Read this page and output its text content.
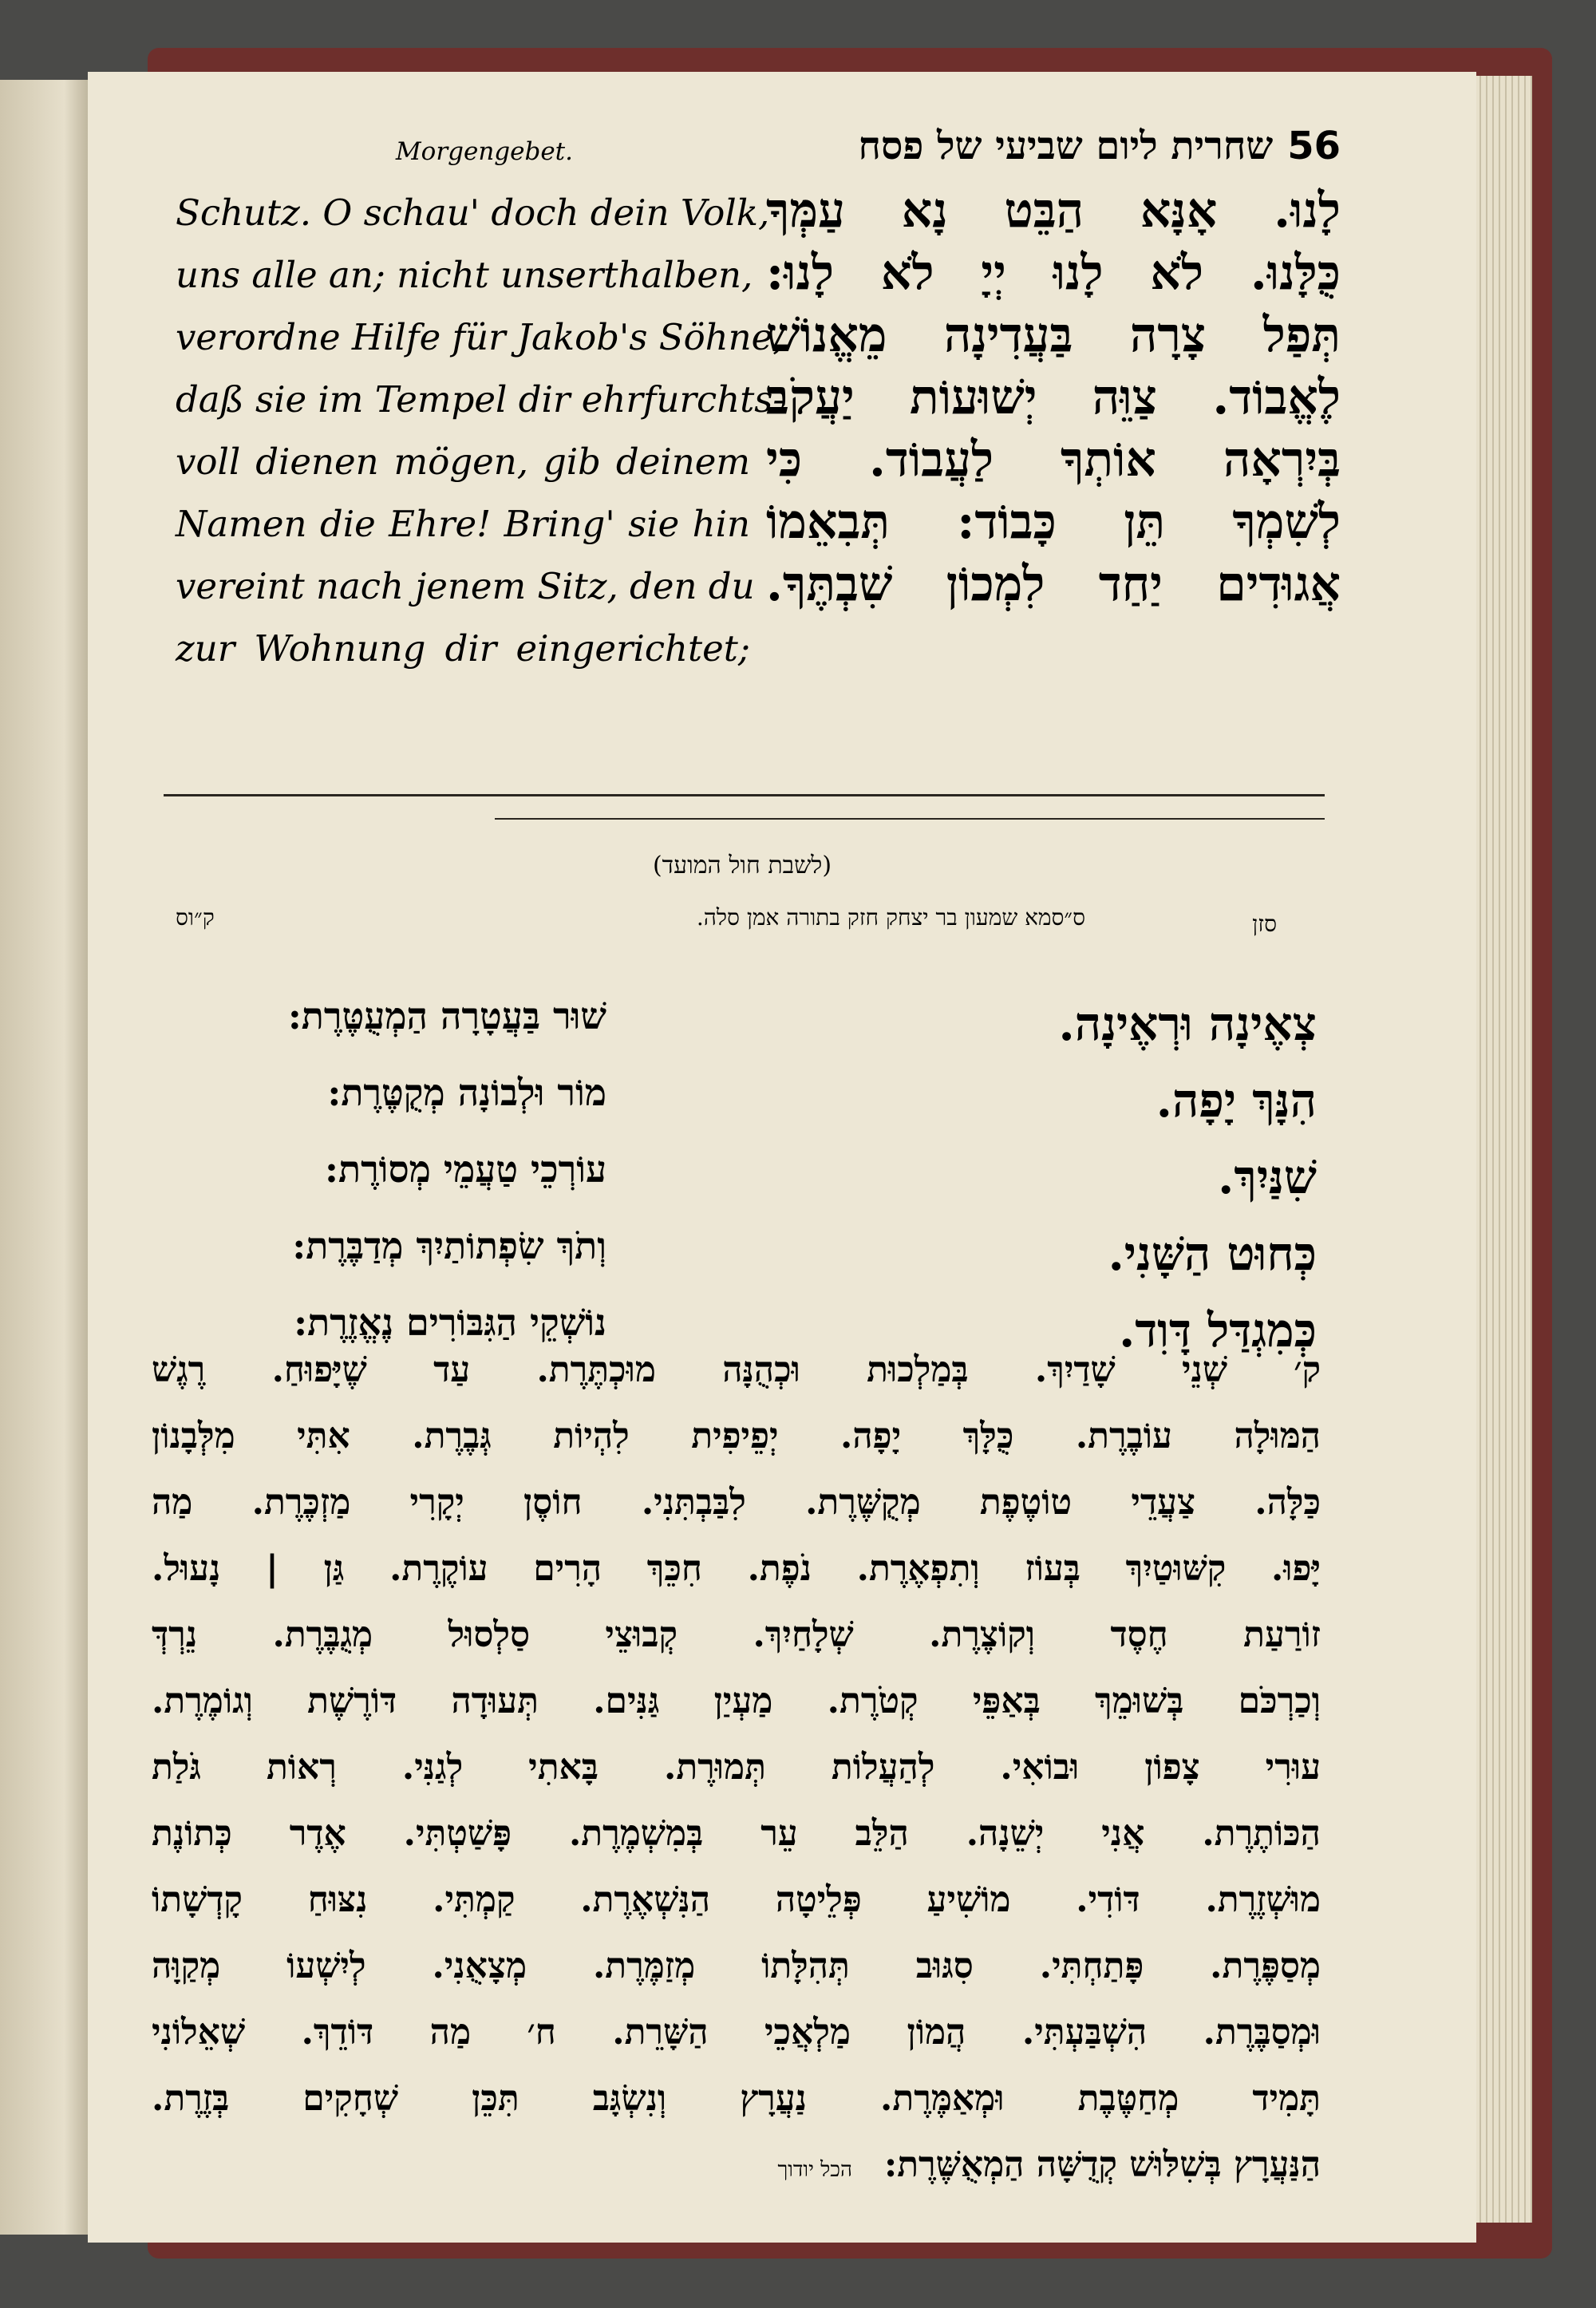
Morgengebet.	56שחרית ליום שביעי של פסח
Schutz. O schau' doch dein Volk,
uns alle an; nicht unserthalben,
verordne Hilfe für Jakob's Söhne,
daß sie im Tempel dir ehrfurchts-
voll dienen mögen, gib deinem
Namen die Ehre! Bring' sie hin
vereint nach jenem Sitz, den du
zur Wohnung dir eingerichtet;
לָנוּ. אָנָּא הַבֵּט נָא עַמְּךָ
כֻּלָּנוּ. לֹא לָנוּ יְיָ לֹא לָנוּ:
תְּפַל צָרָה בַּעֲדִינָה מֵאֱנוֹשׁ
לֶאֱבוֹד. צַוֵּה יְשׁוּעוֹת יַעֲקֹב
בְּיִרְאָה אוֹתְךָ לַעֲבוֹד. כִּי
לְשִׁמְךָ תֵּן כָּבוֹד: תְּבִאֵמוֹ
אֲגוּדִים יַחַד לִמְכוֹן שִׁבְתֶּךָ.
(לשבת חול המועד)
סזן
ס״סמא שמעון בר יצחק חזק בתורה אמן סלה.
ק״וס
צְאֶינָה וּרְאֶינָה.
הִנָּךְ יָפָה.
שִׁנַּיִךְ.
כְּחוּט הַשָּׁנִי.
כְּמִגְדַּל דָּוִד.
שׁוּר בַּעֲטָרָה הַמְעֻטֶּרֶת:
מוֹר וּלְבוֹנָה מְקֻטֶּרֶת:
עוֹרְכֵי טַעֲמֵי מְסוֹרֶת:
וְתֹךְ שִׂפְתוֹתַיִךְ מְדַבֶּרֶת:
נוֹשְׁקֵי הַגִּבּוֹרִים נֶאֱזֶרֶת:
ק׳ שְׁנֵי שָׁדַיִךְ. בְּמַלְכוּת וּכְהֻנָּה מוּכְתֶּרֶת. עַד שֶׁיָּפוּחַ. רֶגֶשׁ
הַמּוּלָה עוֹבֶרֶת. כֻּלָּךְ יָפָה. יְפֵיפִית לִהְיוֹת גְּבֶרֶת. אִתִּי מִלְּבָנוֹן
כַּלָּה. צַעֲדֵי טוֹטֶפֶת מְקֻשֶּׁרֶת. לִבַּבְתִּנִי. חוֹסֶן יְקָרִי מַזְכֶּרֶת. מַה
יָּפוּ. קִשּׁוּטַיִךְ בְּעוֹז וְתִפְאֶרֶת. נֹפֶת. חִכֵּךְ הָרִים עוֹקֶרֶת. גַּן | נָעוּל.
זוֹרַעַת חֶסֶד וְקוֹצֶרֶת. שְׁלָחַיִךְ. קְבוּצֵי סַלְסוּל מְגֻבֶּרֶת. נֵרְדְּ
וְכַרְכֹּם בְּשׁוּמֵךְ בְּאַפֵּי קְטֹרֶת. מַעְיַן גַּנִּים. תְּעוּדָה דּוֹרֶשֶׁת וְגוֹמֶרֶת.
עוּרִי צָפוֹן וּבוֹאִי. לְהַעֲלוֹת תְּמוּרֶת. בָּאתִי לְגַנִּי. רְאוֹת גֹּלַת
הַכּוֹתֶרֶת. אֲנִי יְשֵׁנָה. הַלֵּב עֵר בְּמִשְׁמֶרֶת. פָּשַׁטְתִּי. אֶדֶר כְּתוֹנֶת
מוּשְׁזֶרֶת. דּוֹדִי. מוֹשִׁיעַ פְּלֵיטָה הַנִּשְׁאֶרֶת. קַמְתִּי. נִצּוּחַ קָדְשָׁתוֹ
מְסַפֶּרֶת. פָּתַחְתִּי. סִגּוּב תְּהִלָּתוֹ מְזַמֶּרֶת. מְצָאֻנִי. לְיִשְׁעוֹ מְקַוָּה
וּמְסַבֶּרֶת. הִשְׁבַּעְתִּי. הֲמוֹן מַלְאֲכֵי הַשָּׁרֵת. ח׳ מַה דּוֹדֵךְ. שְׁאֵלוֹנִי
תָּמִיד מְחַטֶּבֶת וּמְאַמֶּרֶת. נַעֲרָץ וְנִשְׂגָּב תִּכֵּן שְׁחָקִים בְּזֶרֶת.
הַנַּעֲרָץ בְּשִׁלּוּשׁ קְדֻשָּׁה הַמְאֻשֶּׁרֶת:הכל יודוך
